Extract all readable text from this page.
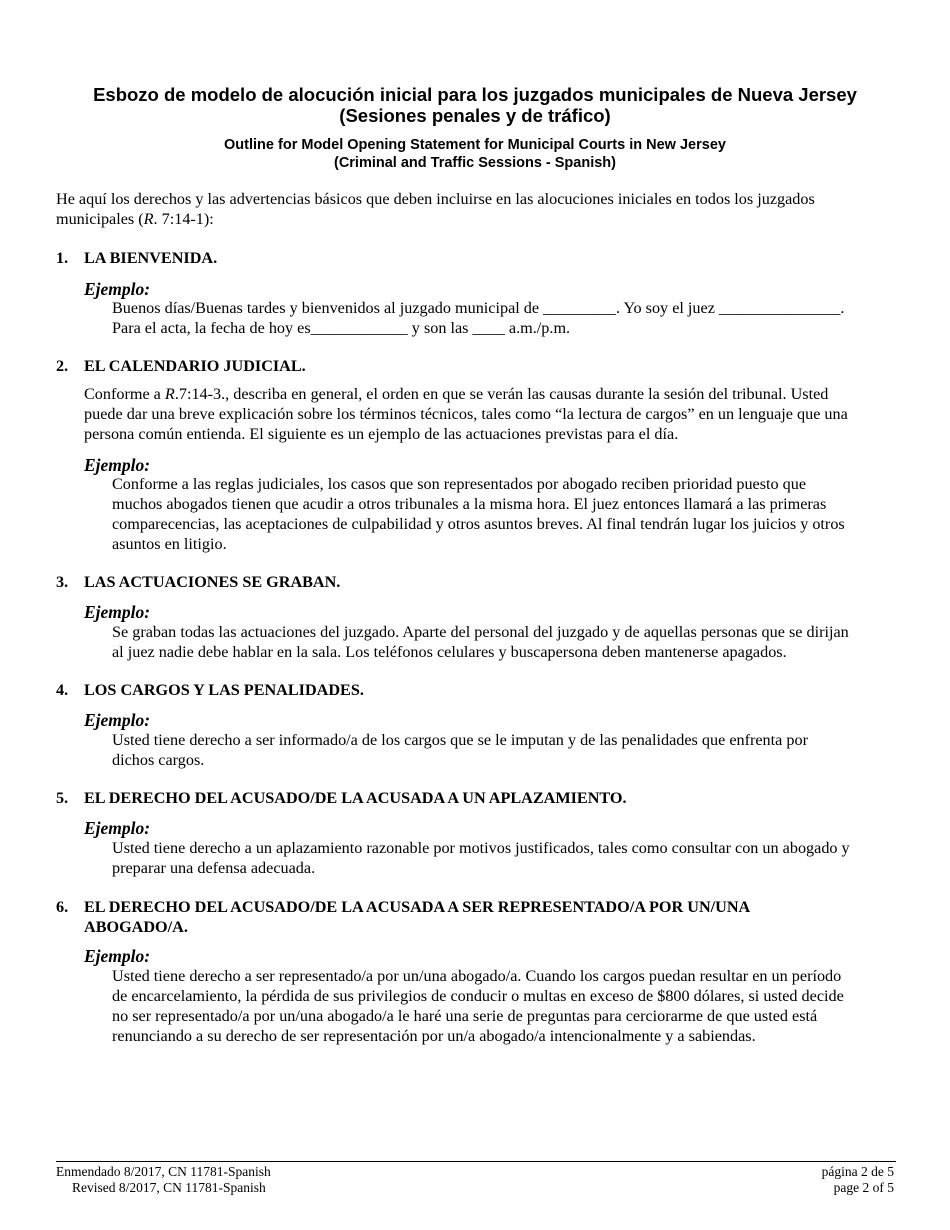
Esbozo de modelo de alocución inicial para los juzgados municipales de Nueva Jersey
(Sesiones penales y de tráfico)
Outline for Model Opening Statement for Municipal Courts in New Jersey
(Criminal and Traffic Sessions - Spanish)
He aquí los derechos y las advertencias básicos que deben incluirse en las alocuciones iniciales en todos los juzgados
municipales (R. 7:14-1):
1. LA BIENVENIDA.
Ejemplo:
Buenos días/Buenas tardes y bienvenidos al juzgado municipal de _________. Yo soy el juez _______________.
Para el acta, la fecha de hoy es____________ y son las ____ a.m./p.m.
2. EL CALENDARIO JUDICIAL.
Conforme a R.7:14-3., describa en general, el orden en que se verán las causas durante la sesión del tribunal. Usted
puede dar una breve explicación sobre los términos técnicos, tales como “la lectura de cargos” en un lenguaje que una
persona común entienda. El siguiente es un ejemplo de las actuaciones previstas para el día.
Ejemplo:
Conforme a las reglas judiciales, los casos que son representados por abogado reciben prioridad puesto que
muchos abogados tienen que acudir a otros tribunales a la misma hora. El juez entonces llamará a las primeras
comparecencias, las aceptaciones de culpabilidad y otros asuntos breves. Al final tendrán lugar los juicios y otros
asuntos en litigio.
3. LAS ACTUACIONES SE GRABAN.
Ejemplo:
Se graban todas las actuaciones del juzgado. Aparte del personal del juzgado y de aquellas personas que se dirijan
al juez nadie debe hablar en la sala. Los teléfonos celulares y buscapersona deben mantenerse apagados.
4. LOS CARGOS Y LAS PENALIDADES.
Ejemplo:
Usted tiene derecho a ser informado/a de los cargos que se le imputan y de las penalidades que enfrenta por
dichos cargos.
5. EL DERECHO DEL ACUSADO/DE LA ACUSADA A UN APLAZAMIENTO.
Ejemplo:
Usted tiene derecho a un aplazamiento razonable por motivos justificados, tales como consultar con un abogado y
preparar una defensa adecuada.
6. EL DERECHO DEL ACUSADO/DE LA ACUSADA A SER REPRESENTADO/A POR UN/UNA
ABOGADO/A.
Ejemplo:
Usted tiene derecho a ser representado/a por un/una abogado/a. Cuando los cargos puedan resultar en un período
de encarcelamiento, la pérdida de sus privilegios de conducir o multas en exceso de $800 dólares, si usted decide
no ser representado/a por un/una abogado/a le haré una serie de preguntas para cerciorarme de que usted está
renunciando a su derecho de ser representación por un/a abogado/a intencionalmente y a sabiendas.
Enmendado 8/2017, CN 11781-Spanish
Revised 8/2017, CN 11781-Spanish
página 2 de 5
page 2 of 5
